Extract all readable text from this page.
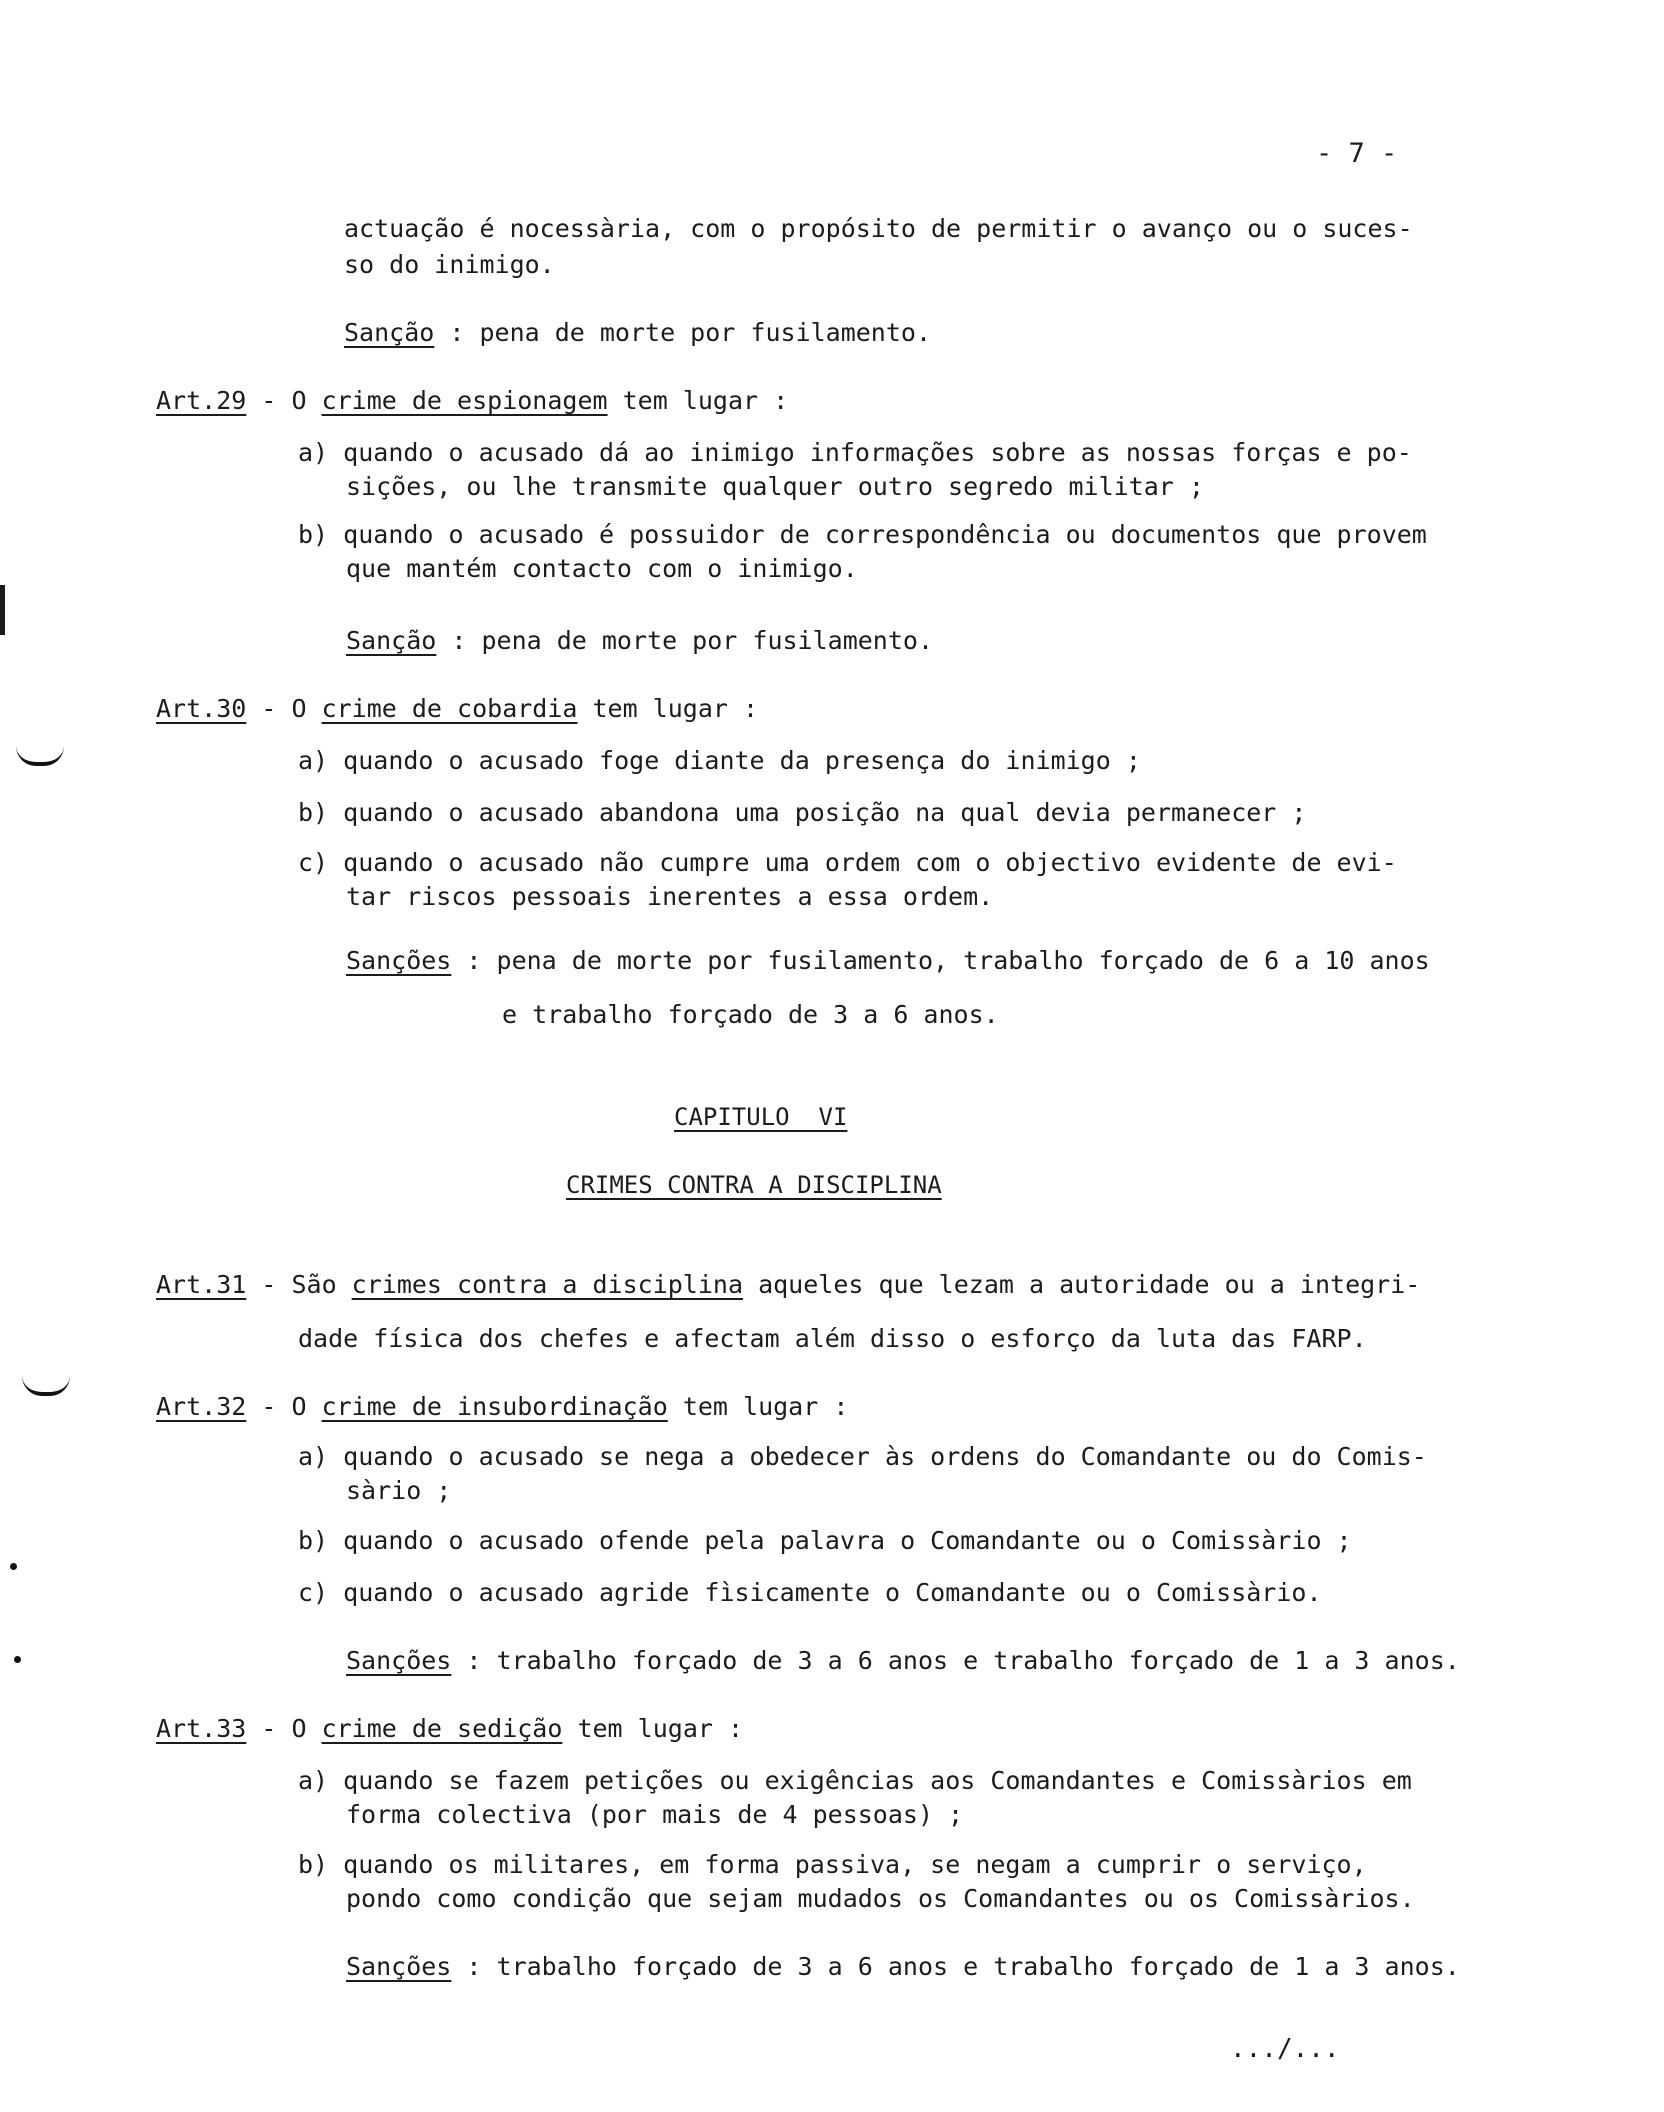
- 7 -
actuação é nocessària, com o propósito de permitir o avanço ou o suces-
so do inimigo.
Sanção : pena de morte por fusilamento.
Art.29 - O crime de espionagem tem lugar :
a) quando o acusado dá ao inimigo informações sobre as nossas forças e po-
sições, ou lhe transmite qualquer outro segredo militar ;
b) quando o acusado é possuidor de correspondência ou documentos que provem
que mantém contacto com o inimigo.
Sanção : pena de morte por fusilamento.
Art.30 - O crime de cobardia tem lugar :
a) quando o acusado foge diante da presença do inimigo ;
b) quando o acusado abandona uma posição na qual devia permanecer ;
c) quando o acusado não cumpre uma ordem com o objectivo evidente de evi-
tar riscos pessoais inerentes a essa ordem.
Sanções : pena de morte por fusilamento, trabalho forçado de 6 a 10 anos
e trabalho forçado de 3 a 6 anos.
CAPITULO  VI
CRIMES CONTRA A DISCIPLINA
Art.31 - São crimes contra a disciplina aqueles que lezam a autoridade ou a integri-
dade física dos chefes e afectam além disso o esforço da luta das FARP.
Art.32 - O crime de insubordinação tem lugar :
a) quando o acusado se nega a obedecer às ordens do Comandante ou do Comis-
sàrio ;
b) quando o acusado ofende pela palavra o Comandante ou o Comissàrio ;
c) quando o acusado agride fìsicamente o Comandante ou o Comissàrio.
Sanções : trabalho forçado de 3 a 6 anos e trabalho forçado de 1 a 3 anos.
Art.33 - O crime de sedição tem lugar :
a) quando se fazem petições ou exigências aos Comandantes e Comissàrios em
forma colectiva (por mais de 4 pessoas) ;
b) quando os militares, em forma passiva, se negam a cumprir o serviço,
pondo como condição que sejam mudados os Comandantes ou os Comissàrios.
Sanções : trabalho forçado de 3 a 6 anos e trabalho forçado de 1 a 3 anos.
.../...
